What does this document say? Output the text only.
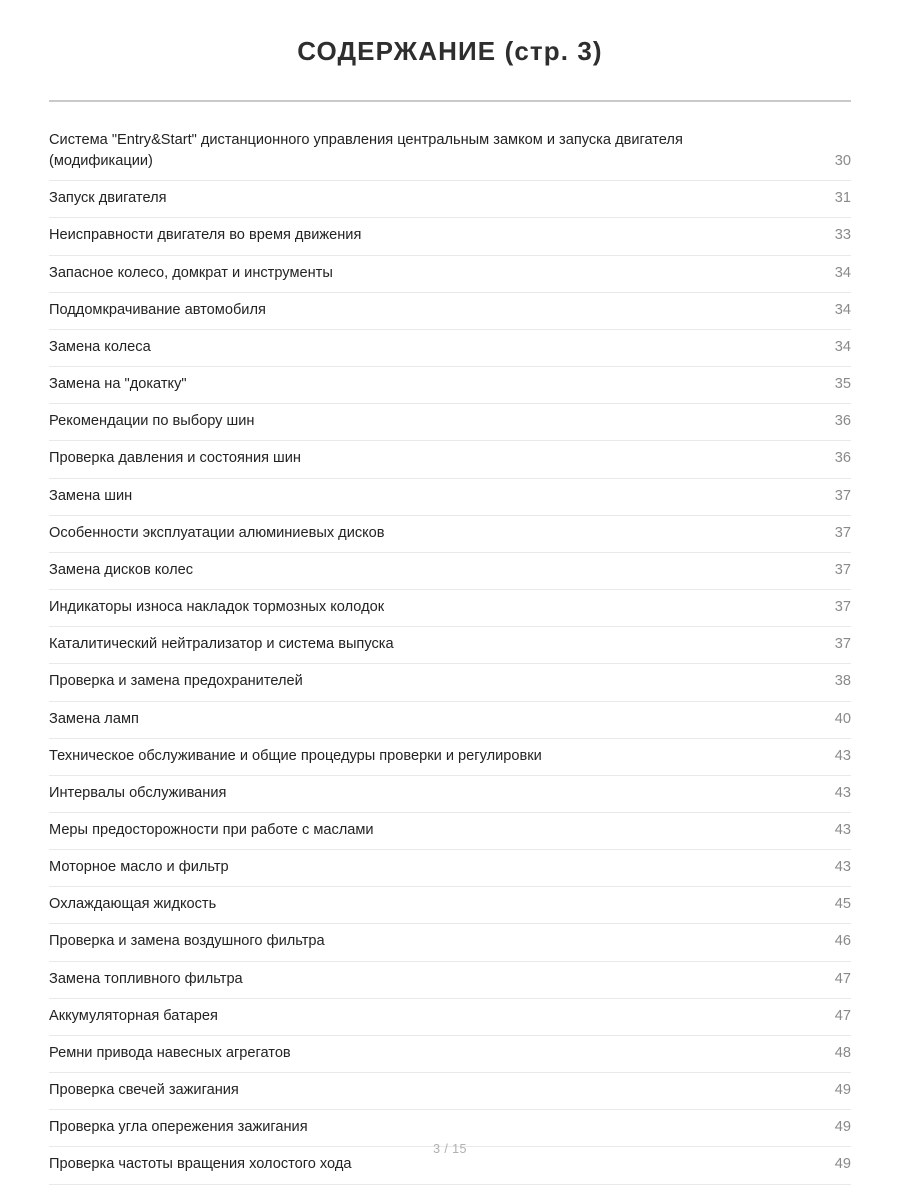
СОДЕРЖАНИЕ (стр. 3)
Система "Entry&Start" дистанционного управления центральным замком и запуска двигателя (модификации)	30
Запуск двигателя	31
Неисправности двигателя во время движения	33
Запасное колесо, домкрат и инструменты	34
Поддомкрачивание автомобиля	34
Замена колеса	34
Замена на "докатку"	35
Рекомендации по выбору шин	36
Проверка давления и состояния шин	36
Замена шин	37
Особенности эксплуатации алюминиевых дисков	37
Замена дисков колес	37
Индикаторы износа накладок тормозных колодок	37
Каталитический нейтрализатор и система выпуска	37
Проверка и замена предохранителей	38
Замена ламп	40
Техническое обслуживание и общие процедуры проверки и регулировки	43
Интервалы обслуживания	43
Меры предосторожности при работе с маслами	43
Моторное масло и фильтр	43
Охлаждающая жидкость	45
Проверка и замена воздушного фильтра	46
Замена топливного фильтра	47
Аккумуляторная батарея	47
Ремни привода навесных агрегатов	48
Проверка свечей зажигания	49
Проверка угла опережения зажигания	49
Проверка частоты вращения холостого хода	49
3 / 15
